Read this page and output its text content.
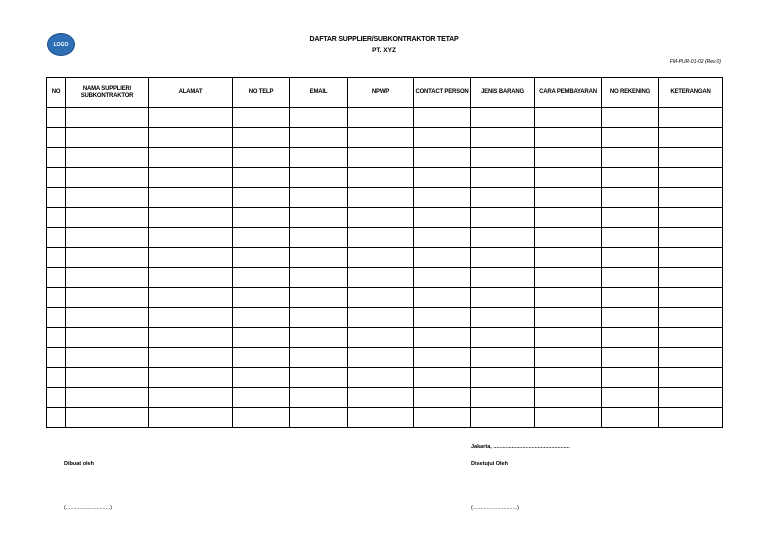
LOGO
DAFTAR SUPPLIER/SUBKONTRAKTOR TETAP
PT. XYZ
FM-PUR-01-02 (Rev.0)
NO	NAMA SUPPLIER/ SUBKONTRAKTOR	ALAMAT	NO TELP	EMAIL	NPWP	CONTACT PERSON	JENIS BARANG	CARA PEMBAYARAN	NO REKENING	KETERANGAN

Jakarta, ..................................................
Dibuat oleh	Disetujui Oleh
(.............................)	(.............................)
